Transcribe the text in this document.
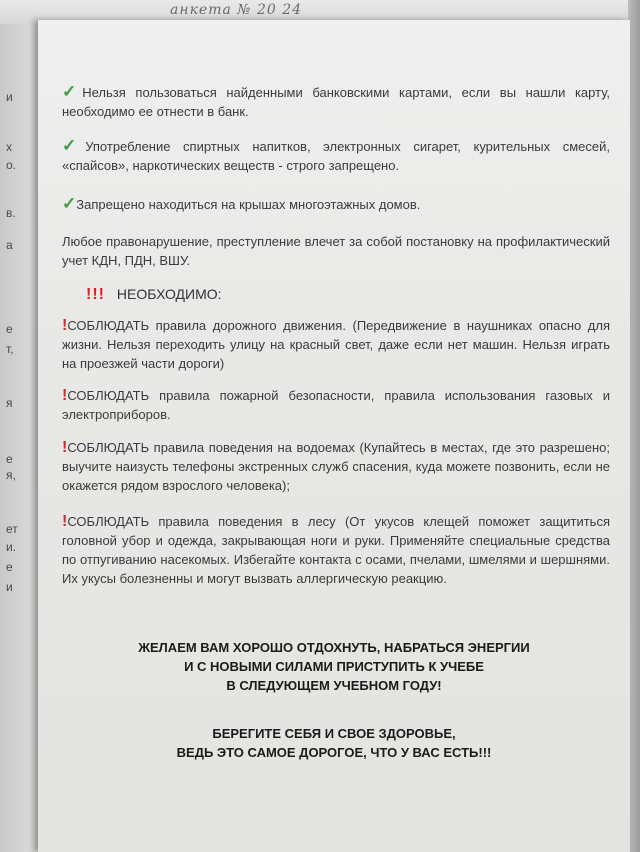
анкета № 20 24
и
х
о.
в.
а
е
т,
я
е
я,
ет
и.
е
и
✓Нельзя пользоваться найденными банковскими картами, если вы нашли карту, необходимо ее отнести в банк.
✓Употребление спиртных напитков, электронных сигарет, курительных смесей, «спайсов», наркотических веществ - строго запрещено.
✓Запрещено находиться на крышах многоэтажных домов.
Любое правонарушение, преступление влечет за собой постановку на профилактический учет КДН, ПДН, ВШУ.
!!! НЕОБХОДИМО:
!СОБЛЮДАТЬ правила дорожного движения. (Передвижение в наушниках опасно для жизни. Нельзя переходить улицу на красный свет, даже если нет машин. Нельзя играть на проезжей части дороги)
!СОБЛЮДАТЬ правила пожарной безопасности, правила использования газовых и электроприборов.
!СОБЛЮДАТЬ правила поведения на водоемах (Купайтесь в местах, где это разрешено; выучите наизусть телефоны экстренных служб спасения, куда можете позвонить, если не окажется рядом взрослого человека);
!СОБЛЮДАТЬ правила поведения в лесу (От укусов клещей поможет защититься головной убор и одежда, закрывающая ноги и руки. Применяйте специальные средства по отпугиванию насекомых. Избегайте контакта с осами, пчелами, шмелями и шершнями. Их укусы болезненны и могут вызвать аллергическую реакцию.
ЖЕЛАЕМ ВАМ ХОРОШО ОТДОХНУТЬ, НАБРАТЬСЯ ЭНЕРГИИ
И С НОВЫМИ СИЛАМИ ПРИСТУПИТЬ К УЧЕБЕ
В СЛЕДУЮЩЕМ УЧЕБНОМ ГОДУ!
БЕРЕГИТЕ СЕБЯ И СВОЕ ЗДОРОВЬЕ,
ВЕДЬ ЭТО САМОЕ ДОРОГОЕ, ЧТО У ВАС ЕСТЬ!!!
